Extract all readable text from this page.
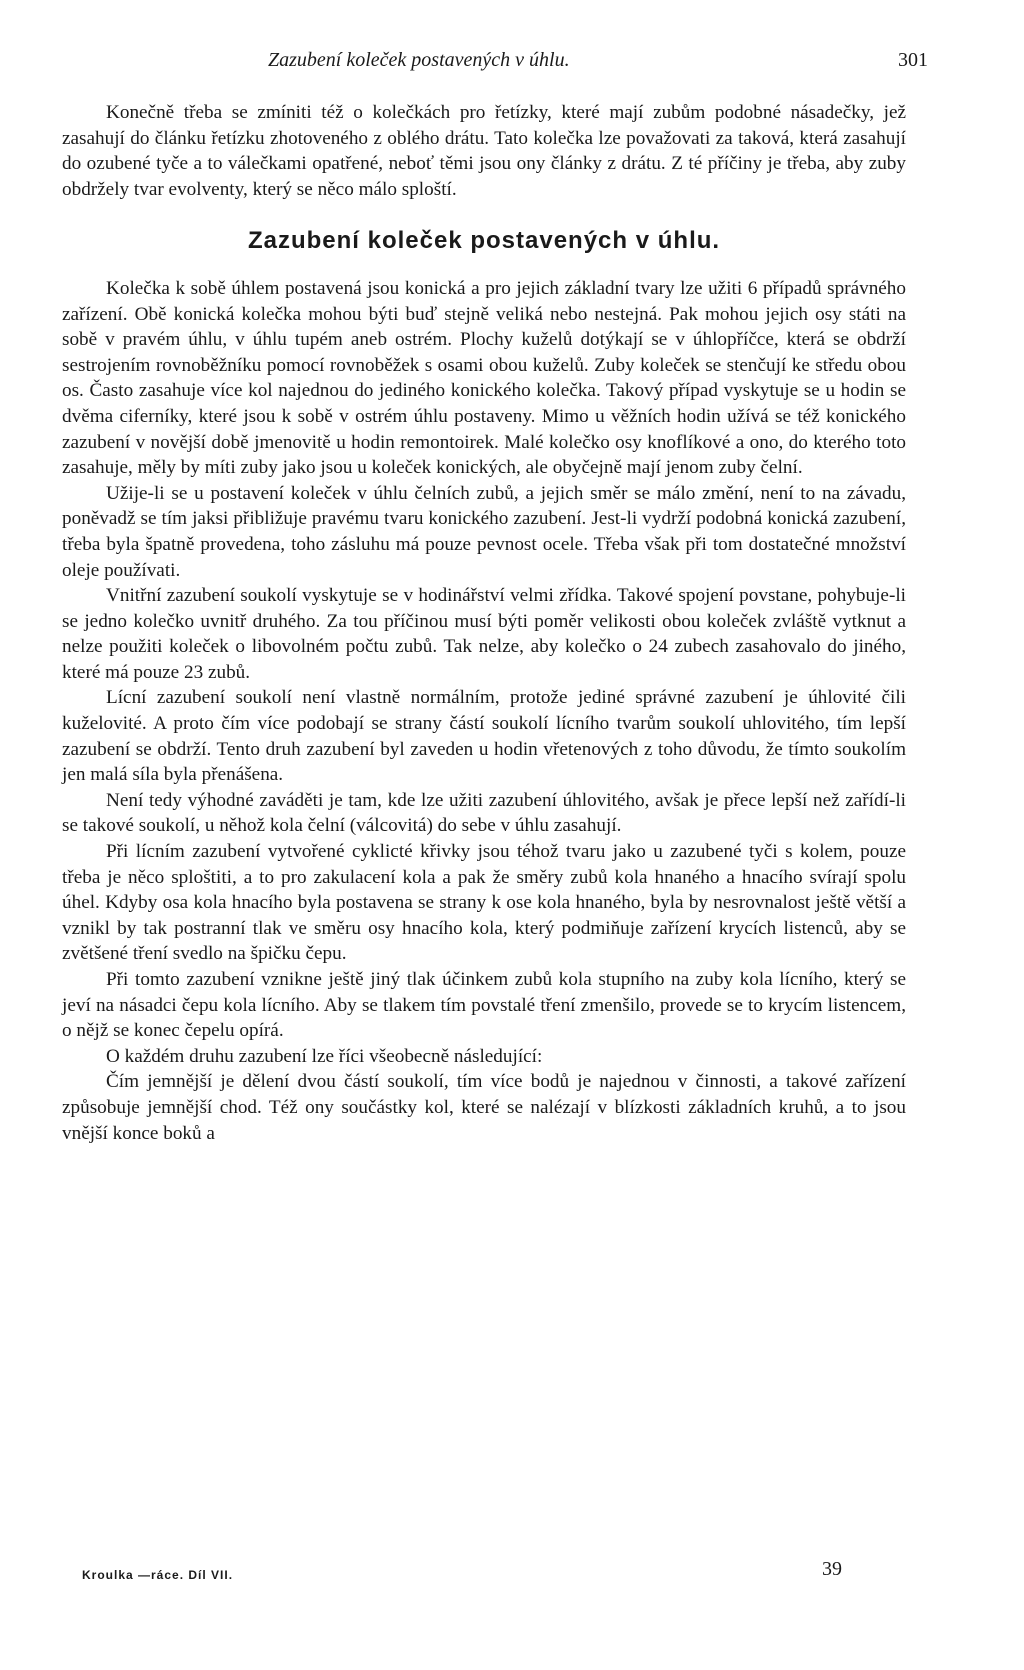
Zazubení koleček postavených v úhlu.	301

Konečně třeba se zmíniti též o kolečkách pro řetízky, které mají zubům podobné násadečky, jež zasahují do článku řetízku zhotoveného z oblého drátu. Tato kolečka lze považovati za taková, která zasahují do ozubené tyče a to válečkami opatřené, neboť těmi jsou ony články z drátu. Z té příčiny je třeba, aby zuby obdržely tvar evolventy, který se něco málo sploští.

Zazubení koleček postavených v úhlu.

Kolečka k sobě úhlem postavená jsou konická a pro jejich základní tvary lze užiti 6 případů správného zařízení. Obě konická kolečka mohou býti buď stejně veliká nebo nestejná. Pak mohou jejich osy státi na sobě v pravém úhlu, v úhlu tupém aneb ostrém. Plochy kuželů dotýkají se v úhlopříčce, která se obdrží sestrojením rovnoběžníku pomocí rovnoběžek s osami obou kuželů. Zuby koleček se stenčují ke středu obou os. Často zasahuje více kol najednou do jediného konického kolečka. Takový případ vyskytuje se u hodin se dvěma ciferníky, které jsou k sobě v ostrém úhlu postaveny. Mimo u věžních hodin užívá se též konického zazubení v novější době jmenovitě u hodin remontoirek. Malé kolečko osy knoflíkové a ono, do kterého toto zasahuje, měly by míti zuby jako jsou u koleček konických, ale obyčejně mají jenom zuby čelní.

Užije-li se u postavení koleček v úhlu čelních zubů, a jejich směr se málo změní, není to na závadu, poněvadž se tím jaksi přibližuje pravému tvaru konického zazubení. Jest-li vydrží podobná konická zazubení, třeba byla špatně provedena, toho zásluhu má pouze pevnost ocele. Třeba však při tom dostatečné množství oleje používati.

Vnitřní zazubení soukolí vyskytuje se v hodinářství velmi zřídka. Takové spojení povstane, pohybuje-li se jedno kolečko uvnitř druhého. Za tou příčinou musí býti poměr velikosti obou koleček zvláště vytknut a nelze použiti koleček o libovolném počtu zubů. Tak nelze, aby kolečko o 24 zubech zasahovalo do jiného, které má pouze 23 zubů.

Lícní zazubení soukolí není vlastně normálním, protože jediné správné zazubení je úhlovité čili kuželovité. A proto čím více podobají se strany částí soukolí lícního tvarům soukolí uhlovitého, tím lepší zazubení se obdrží. Tento druh zazubení byl zaveden u hodin vřetenových z toho důvodu, že tímto soukolím jen malá síla byla přenášena.

Není tedy výhodné zaváděti je tam, kde lze užiti zazubení úhlovitého, avšak je přece lepší než zařídí-li se takové soukolí, u něhož kola čelní (válcovitá) do sebe v úhlu zasahují.

Při lícním zazubení vytvořené cyklicté křivky jsou téhož tvaru jako u zazubené tyči s kolem, pouze třeba je něco sploštiti, a to pro zakulacení kola a pak že směry zubů kola hnaného a hnacího svírají spolu úhel. Kdyby osa kola hnacího byla postavena se strany k ose kola hnaného, byla by nesrovnalost ještě větší a vznikl by tak postranní tlak ve směru osy hnacího kola, který podmiňuje zařízení krycích listenců, aby se zvětšené tření svedlo na špičku čepu.

Při tomto zazubení vznikne ještě jiný tlak účinkem zubů kola stupního na zuby kola lícního, který se jeví na násadci čepu kola lícního. Aby se tlakem tím povstalé tření zmenšilo, provede se to krycím listencem, o nějž se konec čepelu opírá.

O každém druhu zazubení lze říci všeobecně následující:

Čím jemnější je dělení dvou částí soukolí, tím více bodů je najednou v činnosti, a takové zařízení způsobuje jemnější chod. Též ony součástky kol, které se nalézají v blízkosti základních kruhů, a to jsou vnější konce boků a

Kroulka —ráce. Díl VII.	39
